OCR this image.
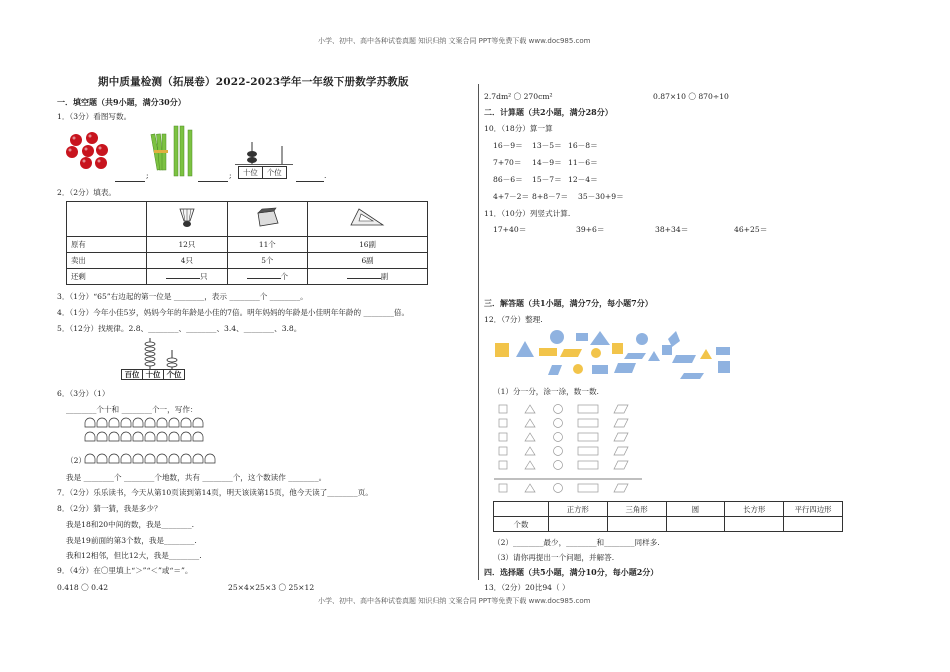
小学、初中、高中各种试卷真题 知识归纳 文案合同 PPT等免费下载 www.doc985.com
小学、初中、高中各种试卷真题 知识归纳 文案合同 PPT等免费下载 www.doc985.com
期中质量检测（拓展卷）2022-2023学年一年级下册数学苏教版
一．填空题（共9小题，满分30分）
1．（3分）看图写数。
;	;	十位	个位	.
2．（2分）填表。

原有	12只	11个	16副
卖出	4只	5个	6副
还剩	只	个	副
3．（1分）“65”右边起的第一位是 ________，表示 ________个 ________。
4．（1分）今年小佳5岁，妈妈今年的年龄是小佳的7倍。明年妈妈的年龄是小佳明年年龄的 ________倍。
5．（12分）找规律。2.8、________、________、3.4、________、3.8。
百位 十位 个位
6．（3分）（1）
________个十和 ________个一，写作：
（2）
我是 ________个 ________个地数，共有 ________个，这个数读作 ________。
7．（2分）乐乐读书，今天从第10页读到第14页，明天该读第15页，他今天读了________页。
8．（2分）猜一猜，我是多少？
我是18和20中间的数，我是________.
我是19前面的第3个数，我是________.
我和12相邻，但比12大，我是________.
9．（4分）在〇里填上“＞”“＜”或“＝”。
0.418 〇 0.42	25×4×25×3 〇 25×12
2.7dm² 〇 270cm²	0.87×10 〇 870÷10
二．计算题（共2小题，满分28分）
10．（18分）算一算
16－9＝ 13－5＝ 16－8＝
7+70＝ 14－9＝ 11－6＝
86－6＝ 15－7＝ 12－4＝
4+7－2＝ 8+8－7＝ 35－30+9＝
11．（10分）列竖式计算.
17+40＝	39+6＝	38+34＝	46+25＝
三．解答题（共1小题，满分7分，每小题7分）
12．（7分）整理.
（1）分一分，涂一涂，数一数.
	正方形	三角形	圆	长方形	平行四边形
个数					
（2）________最少，________和________同样多.
（3）请你再提出一个问题，并解答.
四．选择题（共5小题，满分10分，每小题2分）
13．（2分）20比94（ ）
